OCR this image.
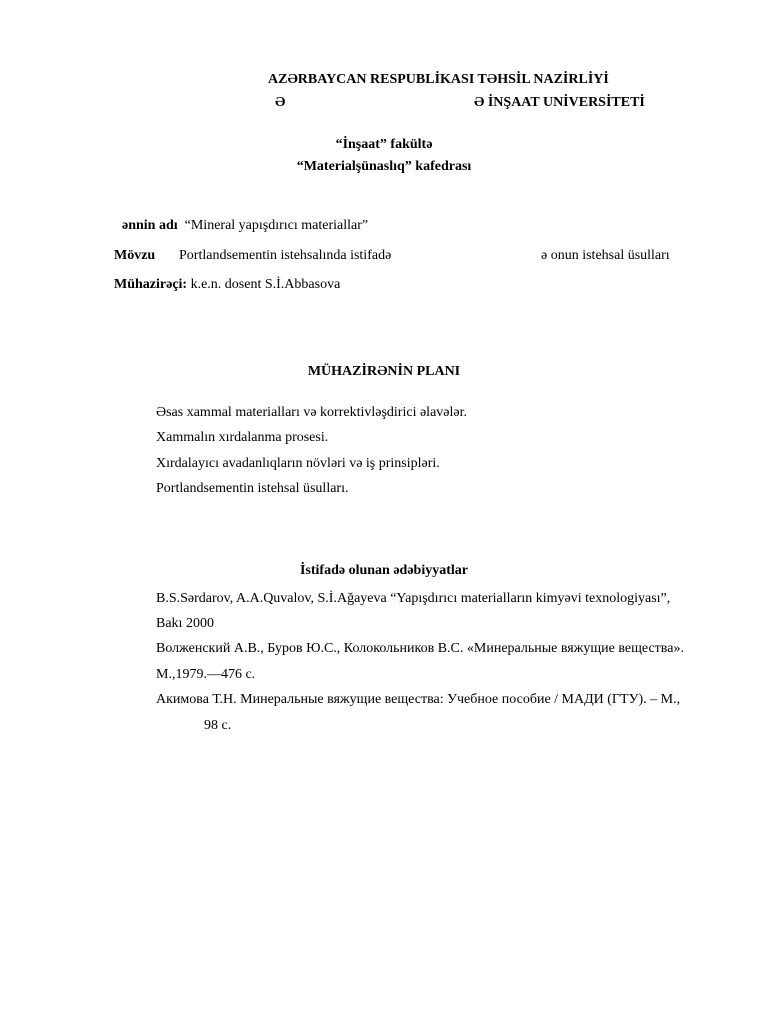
AZƏRBAYCAN RESPUBLİKASI TƏHSİL NAZİRLİYİ
Ə	Ə İNŞAAT UNİVERSİTETİ
“İnşaat” fakültə
“Materialşünaslıq” kafedrası
ənnin adı “Mineral yapışdırıcı materiallar”
Mövzu Portlandsementin istehsalında istifadə	ə onun istehsal üsulları
Mühazirəçi: k.e.n. dosent S.İ.Abbasova
MÜHAZİRƏNİN PLANI
Əsas xammal materialları və korrektivləşdirici əlavələr.
Xammalın xırdalanma prosesi.
Xırdalayıcı avadanlıqların növləri və iş prinsipləri.
Portlandsementin istehsal üsulları.
İstifadə olunan ədəbiyyatlar
B.S.Sərdarov, A.A.Quvalov, S.İ.Ağayeva “Yapışdırıcı materialların kimyəvi texnologiyası”,
Bakı 2000
Волженский А.В., Буров Ю.С., Колокольников В.С. «Минеральные вяжущие вещества».
М.,1979.—476 с.
Акимова Т.Н. Минеральные вяжущие вещества: Учебное пособие / МАДИ (ГТУ). – М.,
98 с.
